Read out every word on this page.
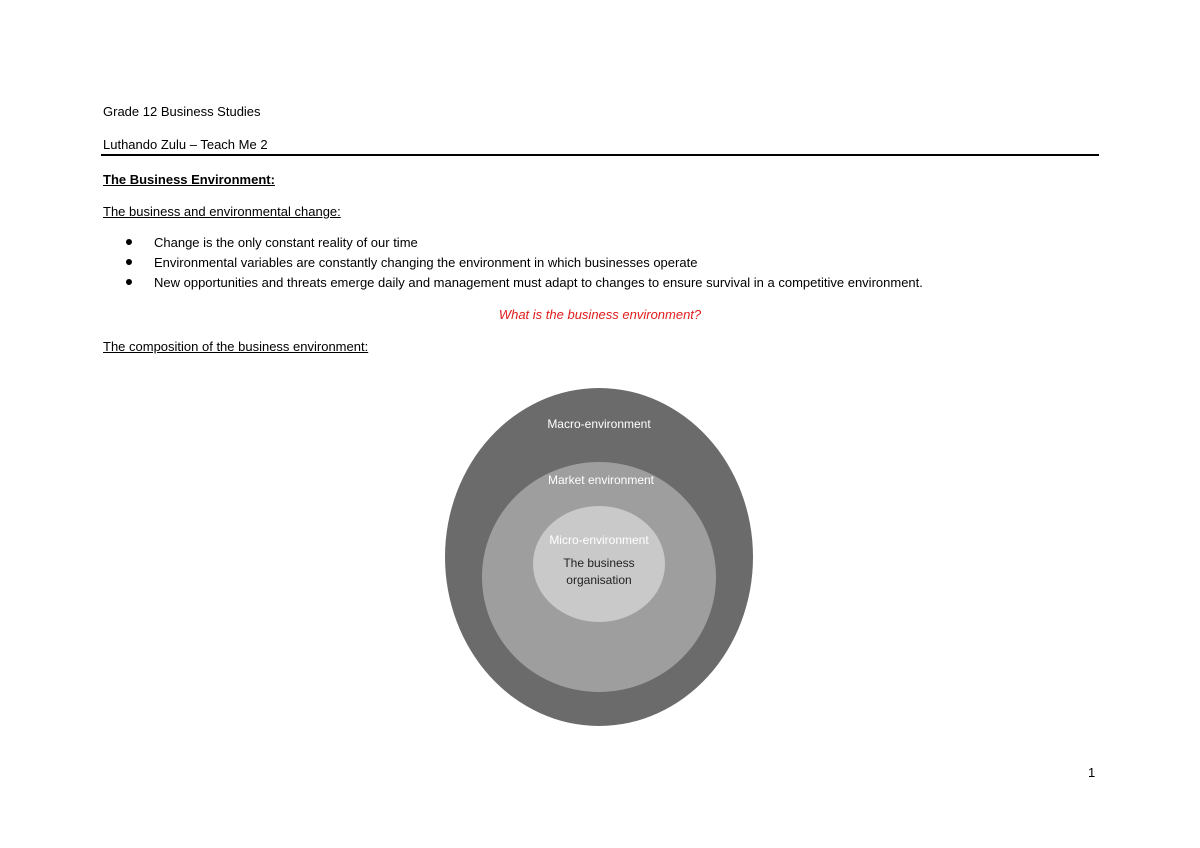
Grade 12 Business Studies
Luthando Zulu – Teach Me 2
The Business Environment:
The business and environmental change:
Change is the only constant reality of our time
Environmental variables are constantly changing the environment in which businesses operate
New opportunities and threats emerge daily and management must adapt to changes to ensure survival in a competitive environment.
What is the business environment?
The composition of the business environment:
Macro-environment
Market environment
Micro-environment
The business
organisation
1
